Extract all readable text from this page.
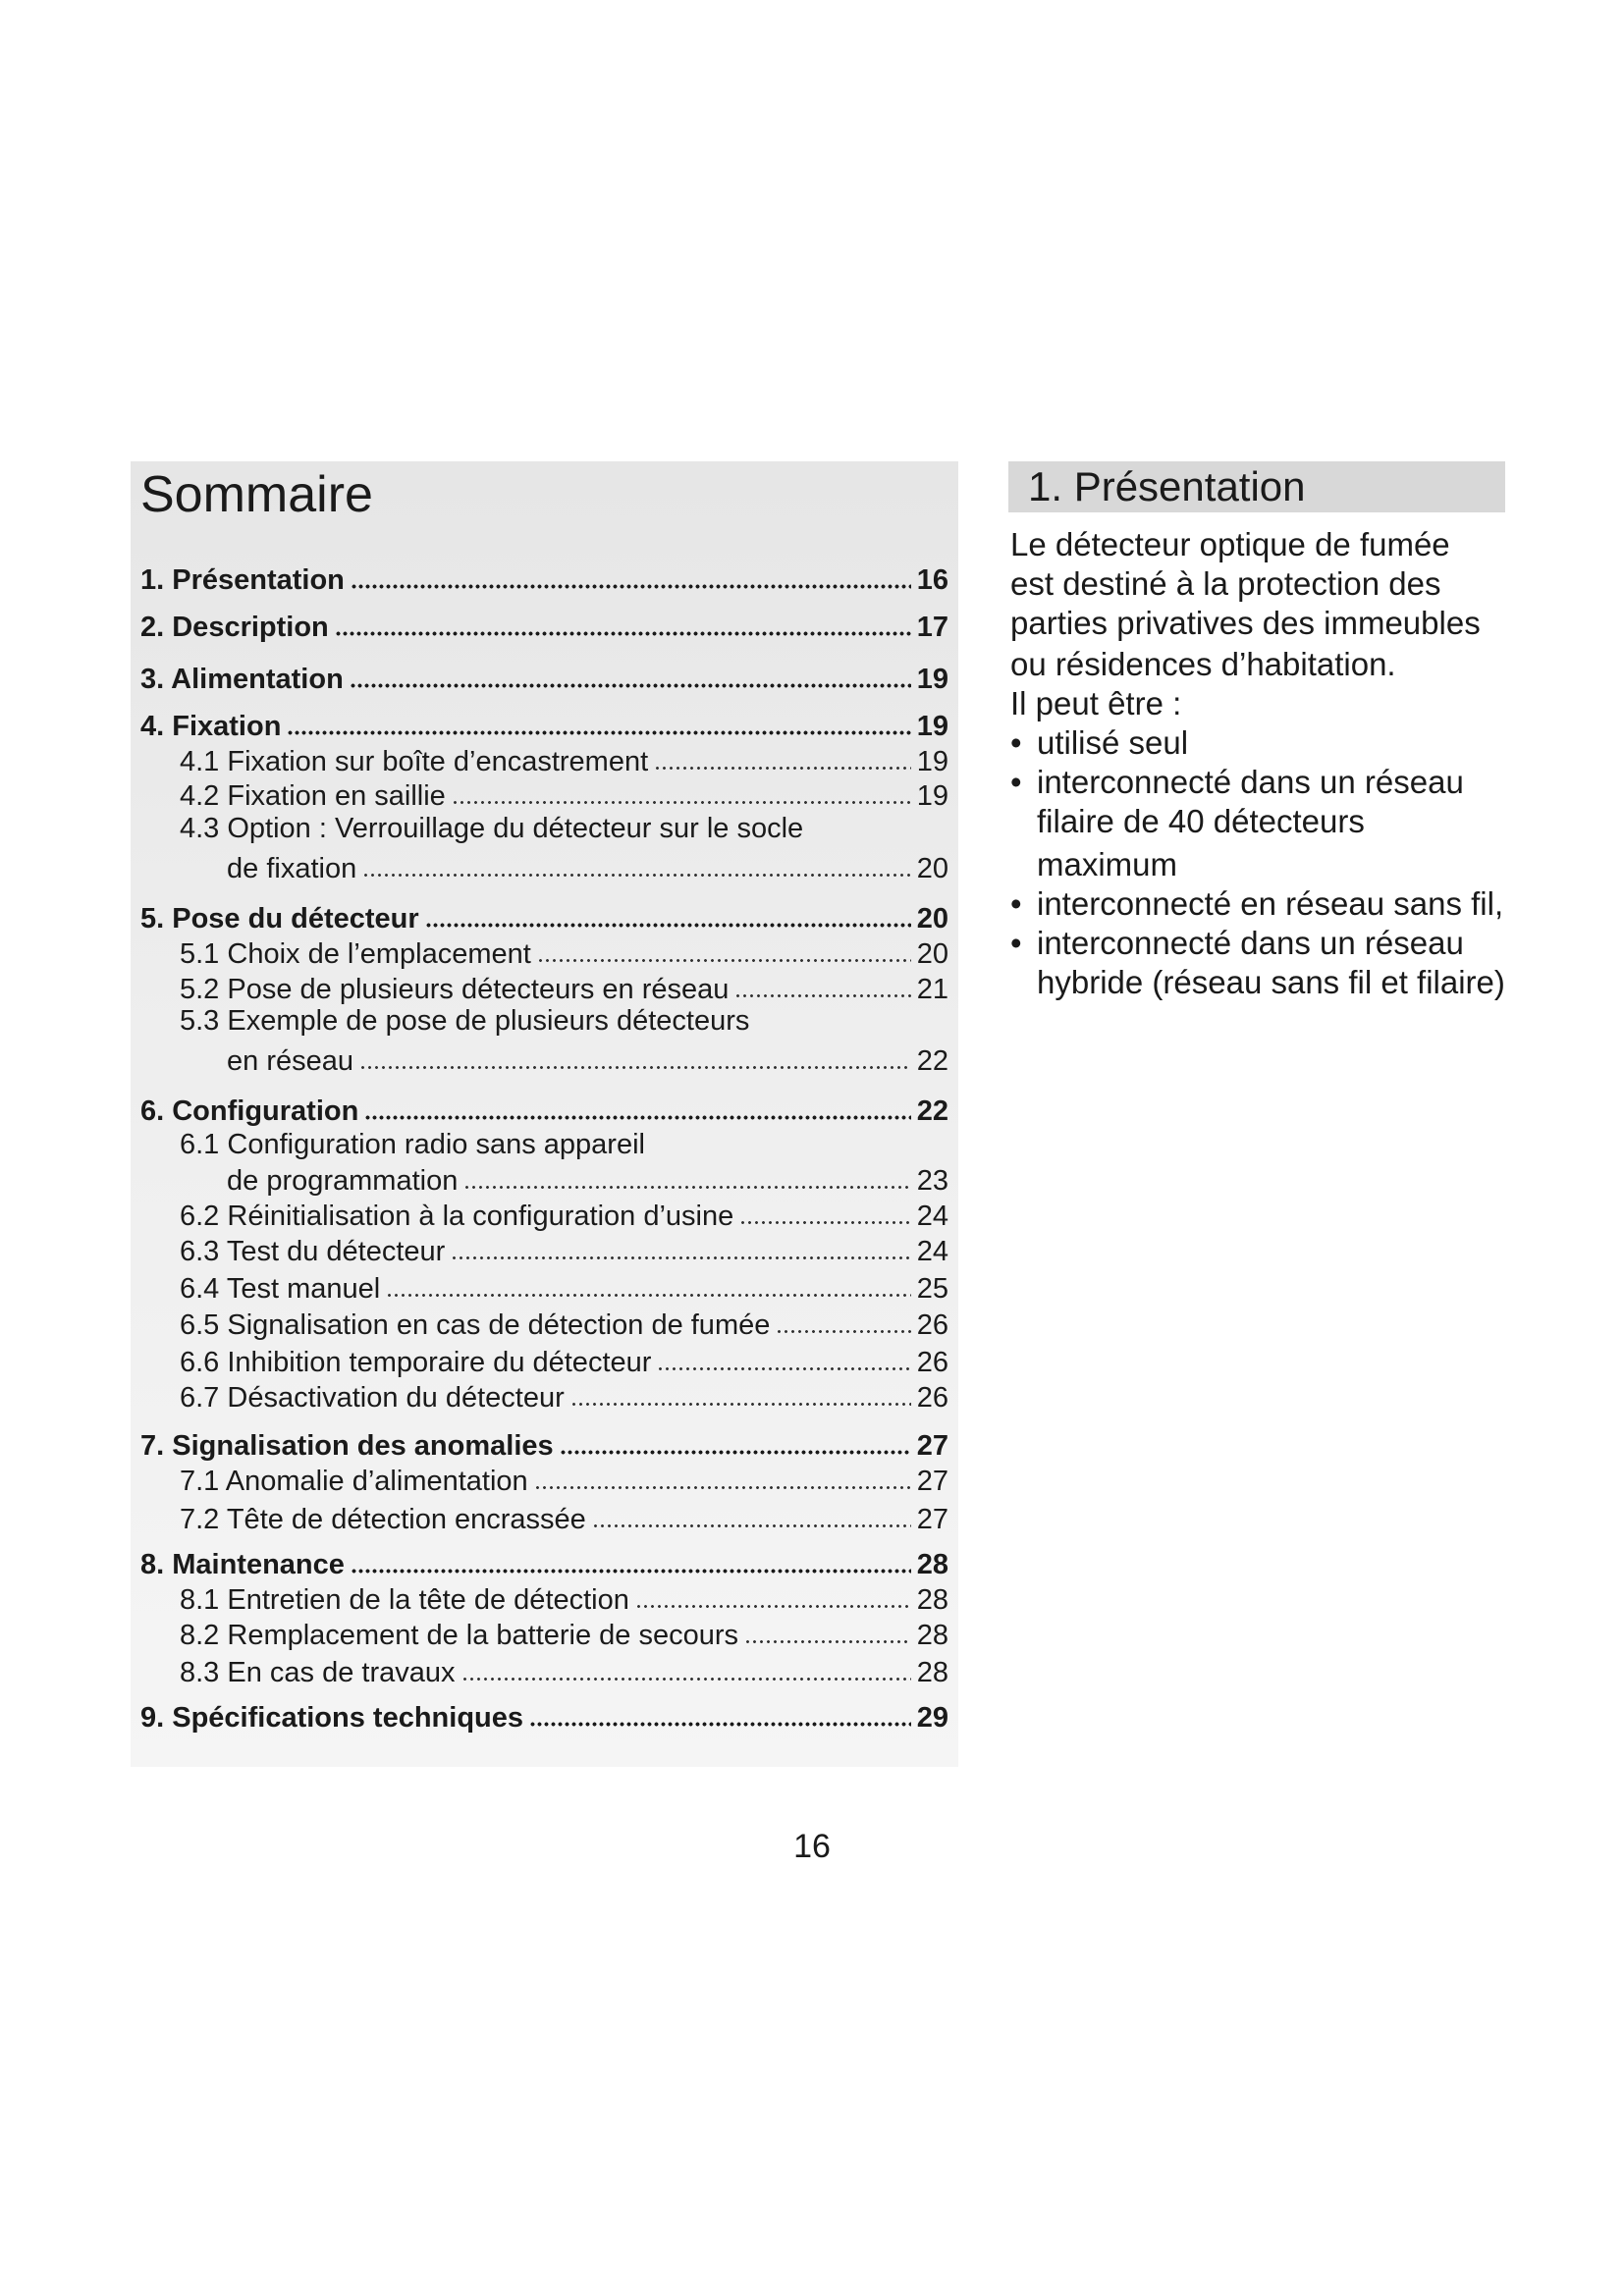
Sommaire
1. Présentation	16
2. Description	17
3. Alimentation	19
4. Fixation	19
4.1 Fixation sur boîte d’encastrement	19
4.2 Fixation en saillie	19
4.3 Option : Verrouillage du détecteur sur le socle
de fixation	20
5. Pose du détecteur	20
5.1 Choix de l’emplacement	20
5.2 Pose de plusieurs détecteurs en réseau	21
5.3 Exemple de pose de plusieurs détecteurs
en réseau	22
6. Configuration	22
6.1 Configuration radio sans appareil
de programmation	23
6.2 Réinitialisation à la configuration d’usine	24
6.3 Test du détecteur	24
6.4 Test manuel	25
6.5 Signalisation en cas de détection de fumée	26
6.6 Inhibition temporaire du détecteur	26
6.7 Désactivation du détecteur	26
7. Signalisation des anomalies	27
7.1 Anomalie d’alimentation	27
7.2 Tête de détection encrassée	27
8. Maintenance	28
8.1 Entretien de la tête de détection	28
8.2 Remplacement de la batterie de secours	28
8.3 En cas de travaux	28
9. Spécifications techniques	29
1. Présentation
Le détecteur optique de fumée
est destiné à la protection des
parties privatives des immeubles
ou résidences d’habitation.
Il peut être :
• utilisé seul
• interconnecté dans un réseau
filaire de 40 détecteurs
maximum
• interconnecté en réseau sans fil,
• interconnecté dans un réseau
hybride (réseau sans fil et filaire)
16
